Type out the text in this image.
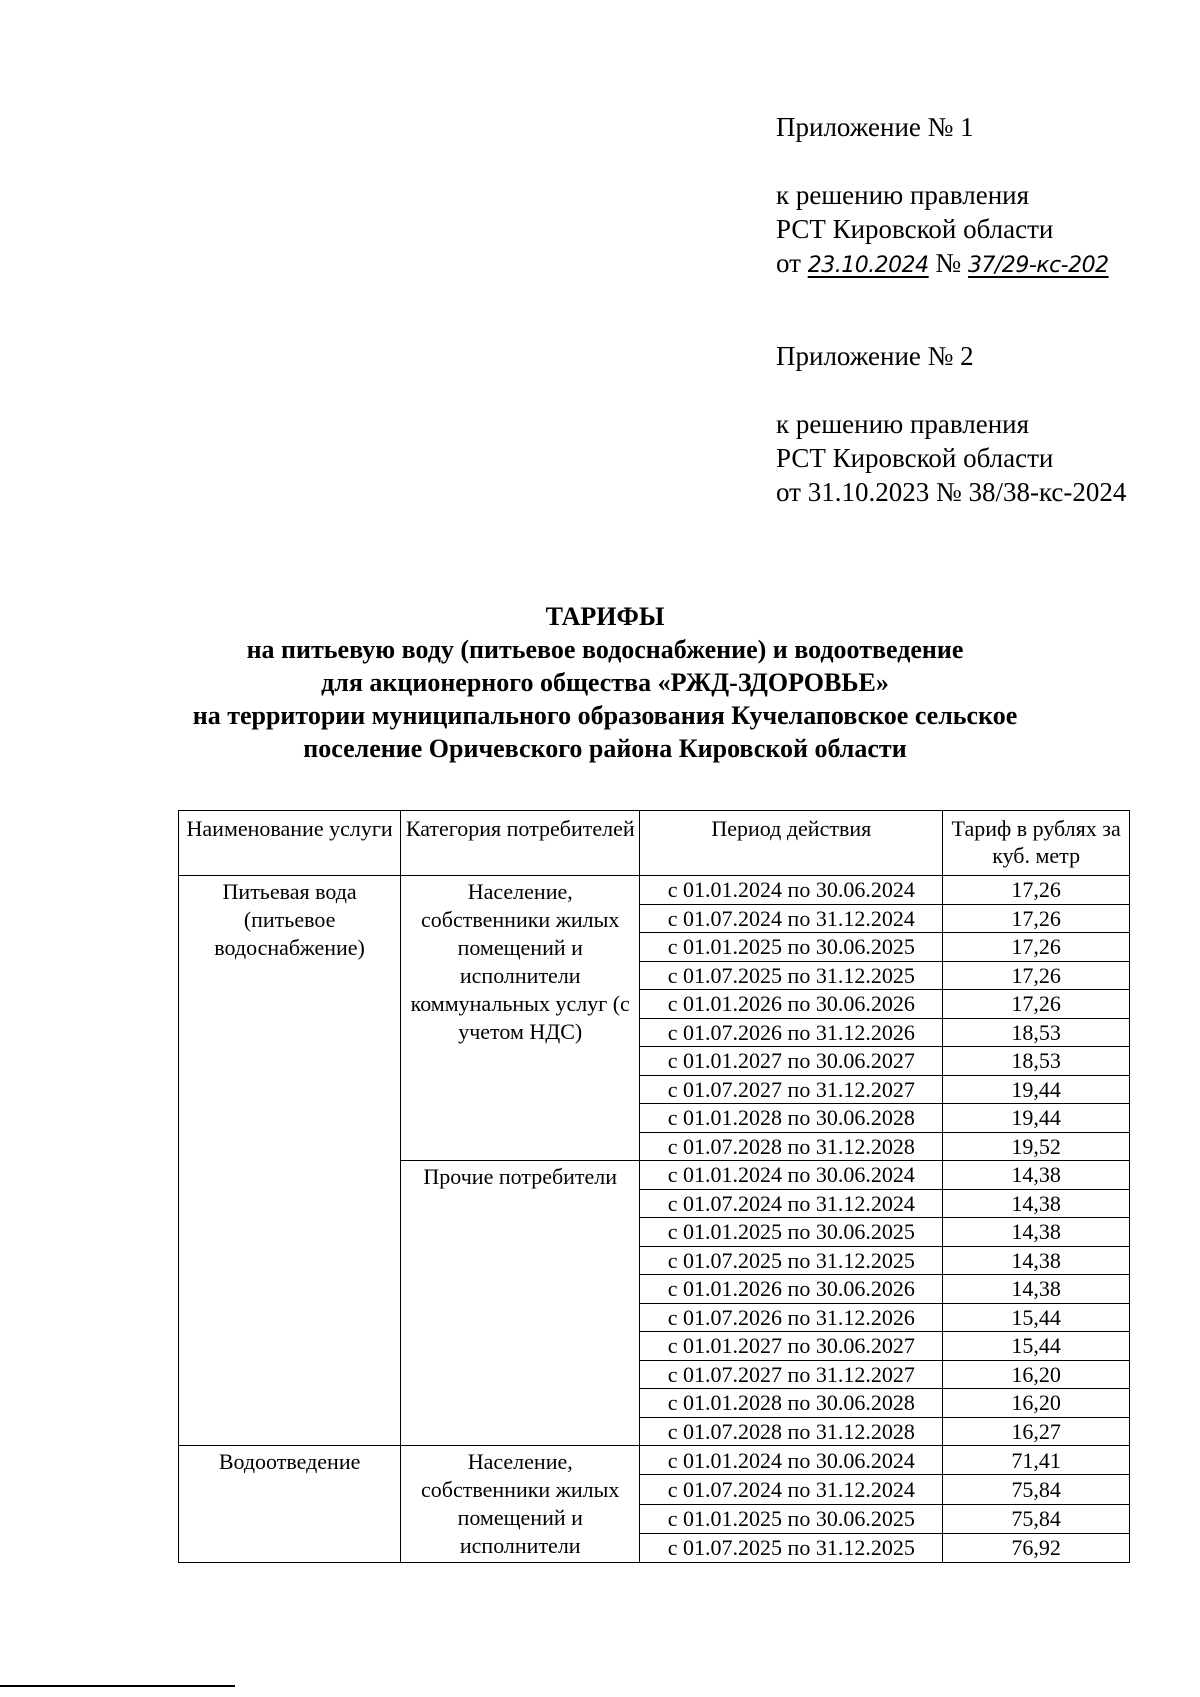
Приложение № 1
к решению правления
РСТ Кировской области
от 23.10.2024 № 37/29-кс-202
Приложение № 2
к решению правления
РСТ Кировской области
от 31.10.2023 № 38/38-кс-2024
ТАРИФЫ
на питьевую воду (питьевое водоснабжение) и водоотведение
для акционерного общества «РЖД-ЗДОРОВЬЕ»
на территории муниципального образования Кучелаповское сельское
поселение Оричевского района Кировской области
Наименование услуги	Категория потребителей	Период действия	Тариф в рублях за куб. метр
Питьевая вода (питьевое водоснабжение)	Население, собственники жилых помещений и исполнители коммунальных услуг (с учетом НДС)	с 01.01.2024 по 30.06.2024	17,26
		с 01.07.2024 по 31.12.2024	17,26
		с 01.01.2025 по 30.06.2025	17,26
		с 01.07.2025 по 31.12.2025	17,26
		с 01.01.2026 по 30.06.2026	17,26
		с 01.07.2026 по 31.12.2026	18,53
		с 01.01.2027 по 30.06.2027	18,53
		с 01.07.2027 по 31.12.2027	19,44
		с 01.01.2028 по 30.06.2028	19,44
		с 01.07.2028 по 31.12.2028	19,52
	Прочие потребители	с 01.01.2024 по 30.06.2024	14,38
		с 01.07.2024 по 31.12.2024	14,38
		с 01.01.2025 по 30.06.2025	14,38
		с 01.07.2025 по 31.12.2025	14,38
		с 01.01.2026 по 30.06.2026	14,38
		с 01.07.2026 по 31.12.2026	15,44
		с 01.01.2027 по 30.06.2027	15,44
		с 01.07.2027 по 31.12.2027	16,20
		с 01.01.2028 по 30.06.2028	16,20
		с 01.07.2028 по 31.12.2028	16,27
Водоотведение	Население, собственники жилых помещений и исполнители	с 01.01.2024 по 30.06.2024	71,41
		с 01.07.2024 по 31.12.2024	75,84
		с 01.01.2025 по 30.06.2025	75,84
		с 01.07.2025 по 31.12.2025	76,92
